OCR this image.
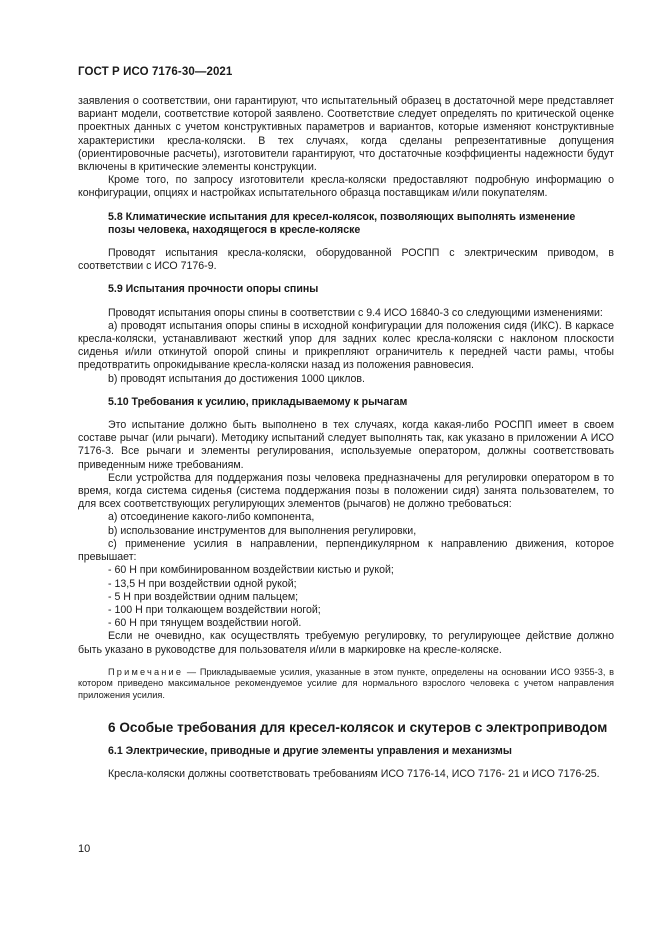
ГОСТ Р ИСО 7176-30—2021

заявления о соответствии, они гарантируют, что испытательный образец в достаточной мере представляет вариант модели, соответствие которой заявлено. Соответствие следует определять по критической оценке проектных данных с учетом конструктивных параметров и вариантов, которые изменяют конструктивные характеристики кресла-коляски. В тех случаях, когда сделаны репрезентативные допущения (ориентировочные расчеты), изготовители гарантируют, что достаточные коэффициенты надежности будут включены в критические элементы конструкции.

Кроме того, по запросу изготовители кресла-коляски предоставляют подробную информацию о конфигурации, опциях и настройках испытательного образца поставщикам и/или покупателям.

5.8 Климатические испытания для кресел-колясок, позволяющих выполнять изменение
позы человека, находящегося в кресле-коляске

Проводят испытания кресла-коляски, оборудованной РОСПП с электрическим приводом, в соответствии с ИСО 7176-9.

5.9 Испытания прочности опоры спины

Проводят испытания опоры спины в соответствии с 9.4 ИСО 16840-3 со следующими изменениями:

a) проводят испытания опоры спины в исходной конфигурации для положения сидя (ИКС). В каркасе кресла-коляски, устанавливают жесткий упор для задних колес кресла-коляски с наклоном плоскости сиденья и/или откинутой опорой спины и прикрепляют ограничитель к передней части рамы, чтобы предотвратить опрокидывание кресла-коляски назад из положения равновесия.

b) проводят испытания до достижения 1000 циклов.

5.10 Требования к усилию, прикладываемому к рычагам

Это испытание должно быть выполнено в тех случаях, когда какая-либо РОСПП имеет в своем составе рычаг (или рычаги). Методику испытаний следует выполнять так, как указано в приложении А ИСО 7176-3. Все рычаги и элементы регулирования, используемые оператором, должны соответствовать приведенным ниже требованиям.

Если устройства для поддержания позы человека предназначены для регулировки оператором в то время, когда система сиденья (система поддержания позы в положении сидя) занята пользователем, то для всех соответствующих регулирующих элементов (рычагов) не должно требоваться:

a) отсоединение какого-либо компонента,

b) использование инструментов для выполнения регулировки,

c) применение усилия в направлении, перпендикулярном к направлению движения, которое превышает:

- 60 Н при комбинированном воздействии кистью и рукой;

- 13,5 Н при воздействии одной рукой;

- 5 Н при воздействии одним пальцем;

- 100 Н при толкающем воздействии ногой;

- 60 Н при тянущем воздействии ногой.

Если не очевидно, как осуществлять требуемую регулировку, то регулирующее действие должно быть указано в руководстве для пользователя и/или в маркировке на кресле-коляске.

Примечание — Прикладываемые усилия, указанные в этом пункте, определены на основании ИСО 9355-3, в котором приведено максимальное рекомендуемое усилие для нормального взрослого человека с учетом направления приложения усилия.

6 Особые требования для кресел-колясок и скутеров с электроприводом

6.1 Электрические, приводные и другие элементы управления и механизмы

Кресла-коляски должны соответствовать требованиям ИСО 7176-14, ИСО 7176- 21 и ИСО 7176-25.

10
